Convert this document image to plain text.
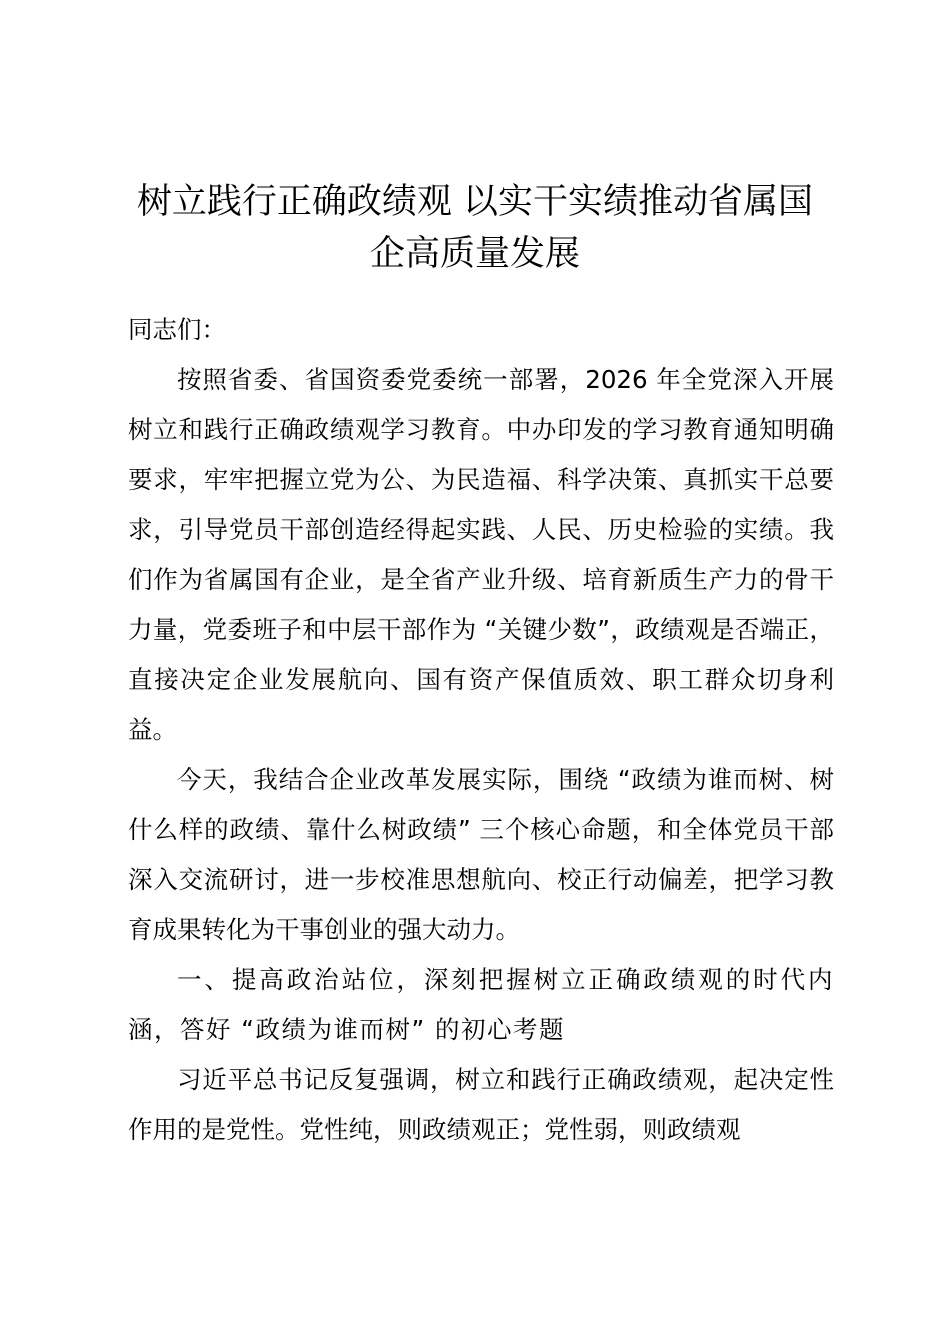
树立践行正确政绩观 以实干实绩推动省属国
企高质量发展

同志们：

按照省委、省国资委党委统一部署，2026 年全党深入开展树立和践行正确政绩观学习教育。中办印发的学习教育通知明确要求，牢牢把握立党为公、为民造福、科学决策、真抓实干总要求，引导党员干部创造经得起实践、人民、历史检验的实绩。我们作为省属国有企业，是全省产业升级、培育新质生产力的骨干力量，党委班子和中层干部作为 “关键少数”，政绩观是否端正，直接决定企业发展航向、国有资产保值质效、职工群众切身利益。

今天，我结合企业改革发展实际，围绕 “政绩为谁而树、树什么样的政绩、靠什么树政绩” 三个核心命题，和全体党员干部深入交流研讨，进一步校准思想航向、校正行动偏差，把学习教育成果转化为干事创业的强大动力。

一、提高政治站位，深刻把握树立正确政绩观的时代内涵，答好 “政绩为谁而树” 的初心考题

习近平总书记反复强调，树立和践行正确政绩观，起决定性作用的是党性。党性纯，则政绩观正；党性弱，则政绩观
